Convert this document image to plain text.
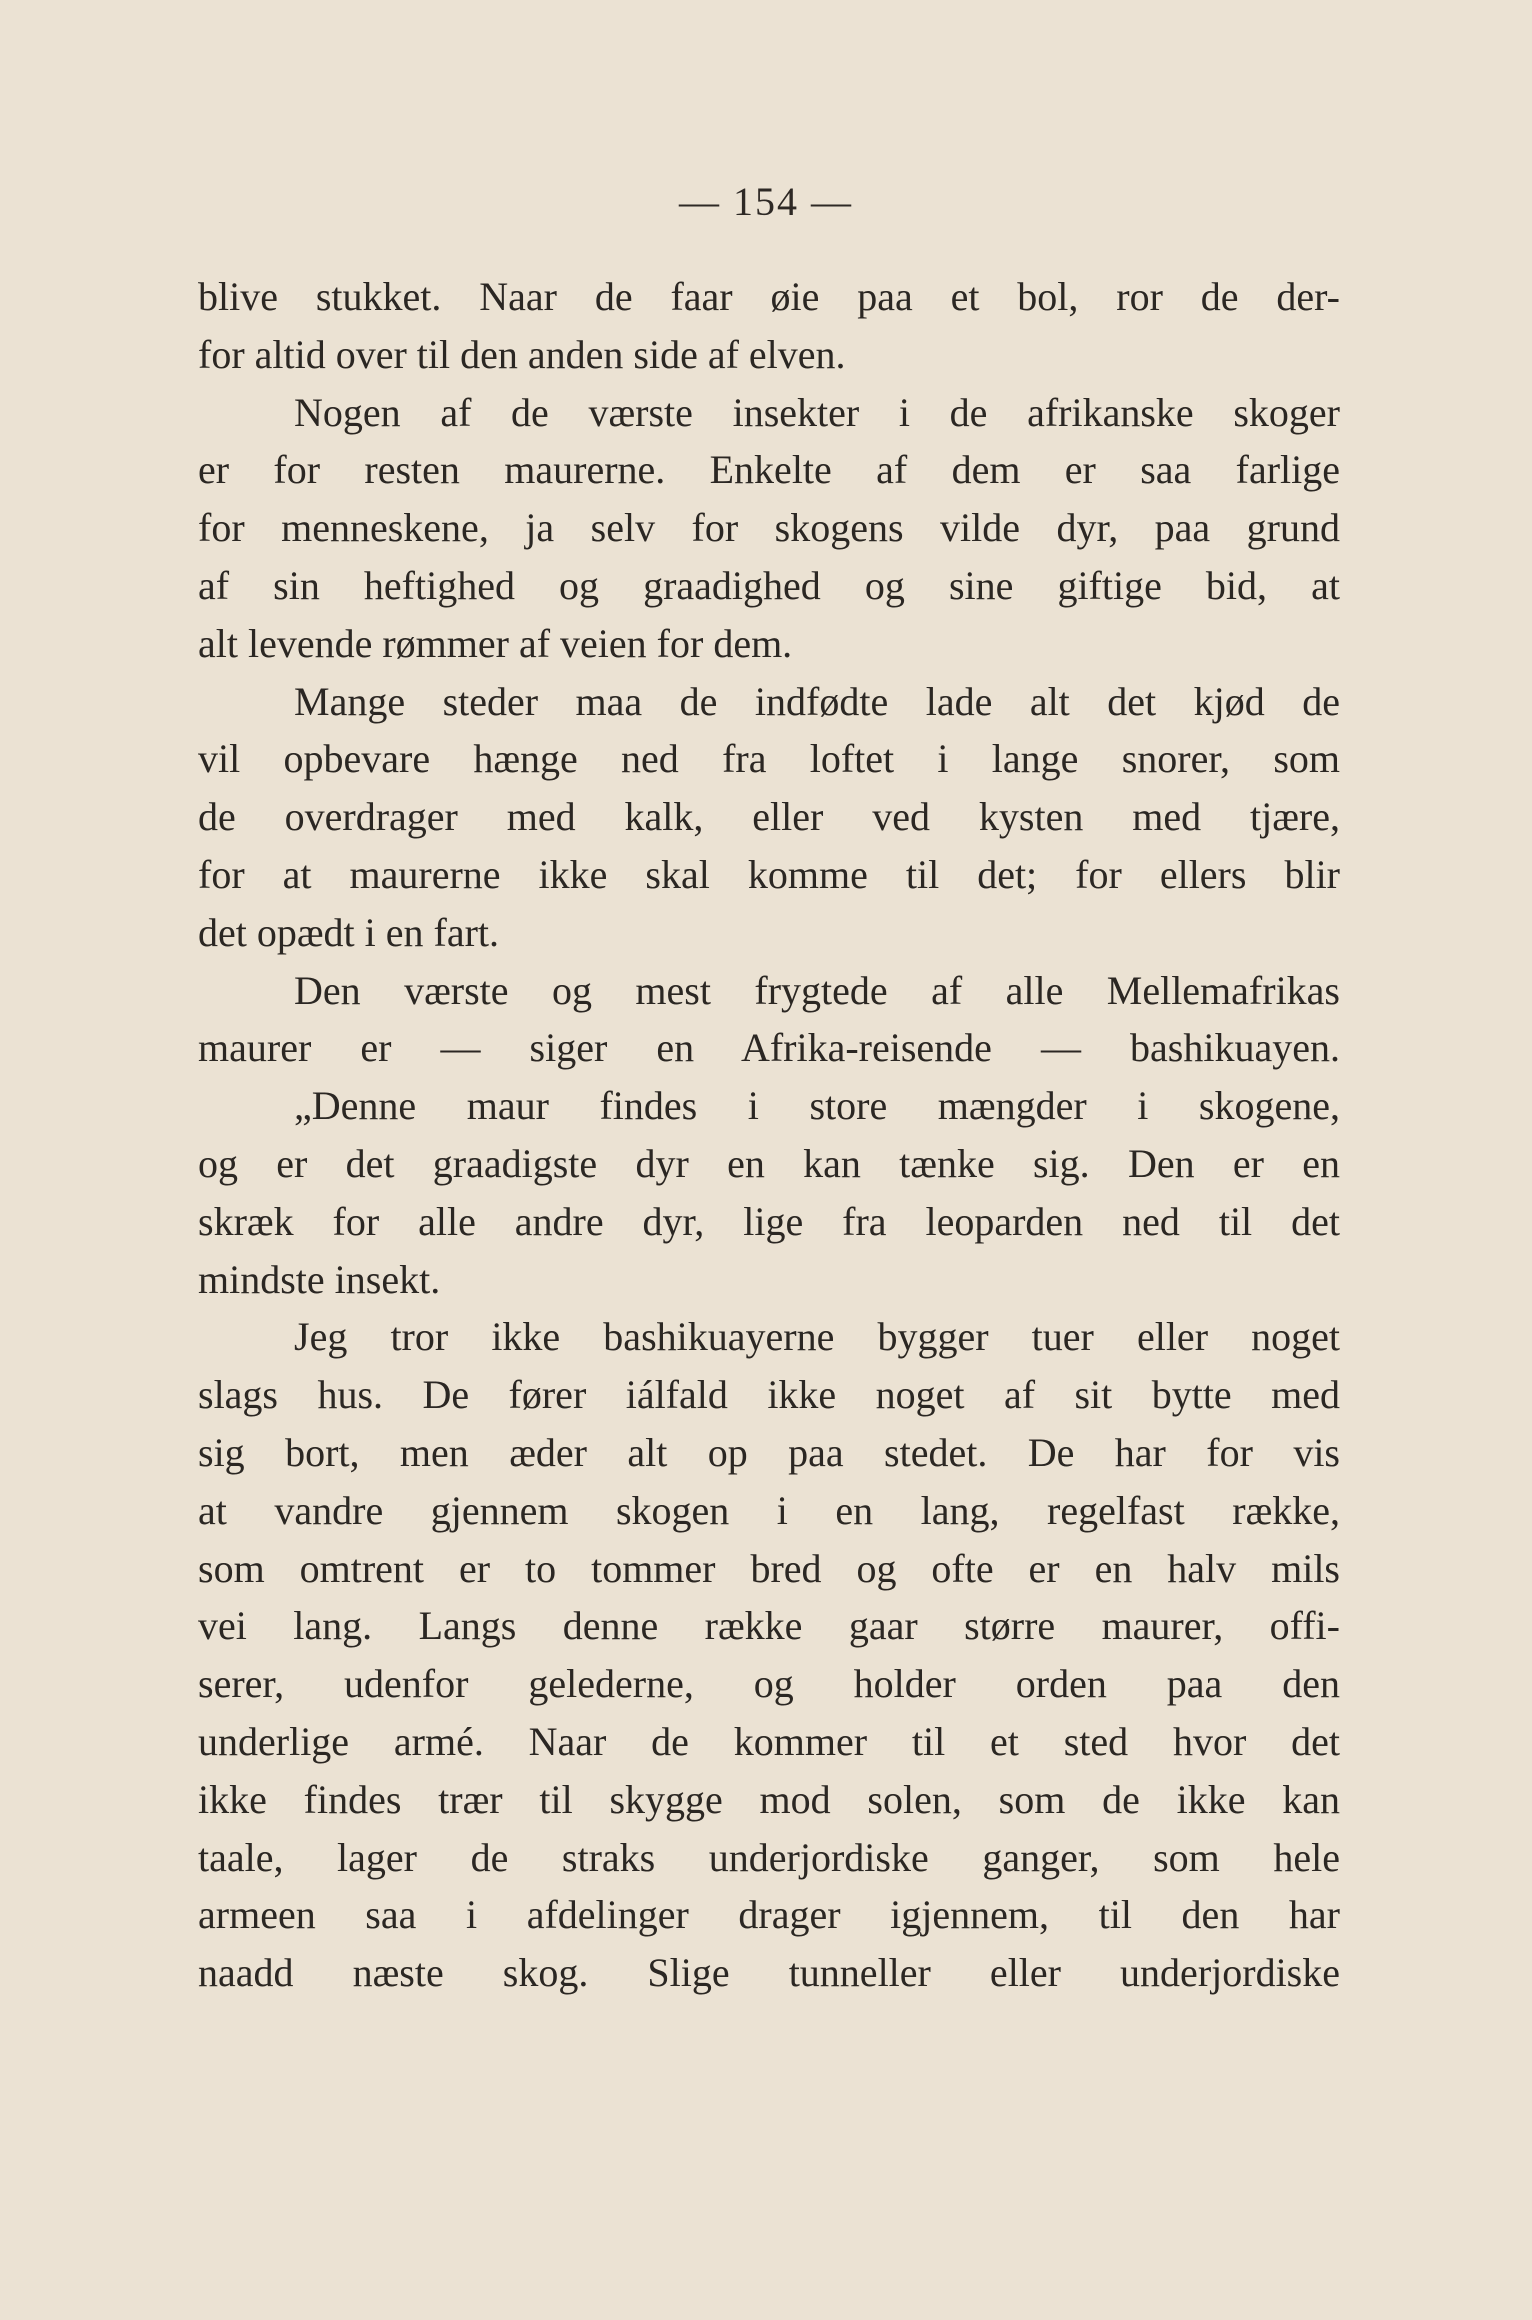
— 154 —
blive stukket. Naar de faar øie paa et bol, ror de der-
for altid over til den anden side af elven.
Nogen af de værste insekter i de afrikanske skoger
er for resten maurerne. Enkelte af dem er saa farlige
for menneskene, ja selv for skogens vilde dyr, paa grund
af sin heftighed og graadighed og sine giftige bid, at
alt levende rømmer af veien for dem.
Mange steder maa de indfødte lade alt det kjød de
vil opbevare hænge ned fra loftet i lange snorer, som
de overdrager med kalk, eller ved kysten med tjære,
for at maurerne ikke skal komme til det; for ellers blir
det opædt i en fart.
Den værste og mest frygtede af alle Mellemafrikas
maurer er — siger en Afrika-reisende — bashikuayen.
„Denne maur findes i store mængder i skogene,
og er det graadigste dyr en kan tænke sig. Den er en
skræk for alle andre dyr, lige fra leoparden ned til det
mindste insekt.
Jeg tror ikke bashikuayerne bygger tuer eller noget
slags hus. De fører iálfald ikke noget af sit bytte med
sig bort, men æder alt op paa stedet. De har for vis
at vandre gjennem skogen i en lang, regelfast række,
som omtrent er to tommer bred og ofte er en halv mils
vei lang. Langs denne række gaar større maurer, offi-
serer, udenfor gelederne, og holder orden paa den
underlige armé. Naar de kommer til et sted hvor det
ikke findes trær til skygge mod solen, som de ikke kan
taale, lager de straks underjordiske ganger, som hele
armeen saa i afdelinger drager igjennem, til den har
naadd næste skog. Slige tunneller eller underjordiske
